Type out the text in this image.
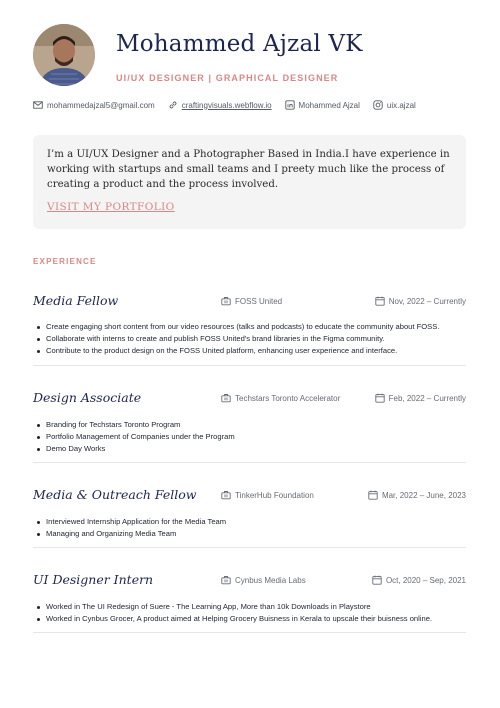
Mohammed Ajzal VK
UI/UX DESIGNER | GRAPHICAL DESIGNER
mohammedajzal5@gmail.com	craftingvisuals.webflow.io	Mohammed Ajzal	uix.ajzal

I’m a UI/UX Designer and a Photographer Based in India.I have experience in working with startups and small teams and I preety much like the process of creating a product and the process involved.

VISIT MY PORTFOLIO
EXPERIENCE
Media Fellow	FOSS United	Nov, 2022 – Currently
Create engaging short content from our video resources (talks and podcasts) to educate the community about FOSS.
Collaborate with interns to create and publish FOSS United's brand libraries in the Figma community.
Contribute to the product design on the FOSS United platform, enhancing user experience and interface.
Design Associate	Techstars Toronto Accelerator	Feb, 2022 – Currently
Branding for Techstars Toronto Program
Portfolio Management of Companies under the Program
Demo Day Works
Media & Outreach Fellow	TinkerHub Foundation	Mar, 2022 – June, 2023
Interviewed Internship Application for the Media Team
Managing and Organizing Media Team
UI Designer Intern	Cynbus Media Labs	Oct, 2020 – Sep, 2021
Worked in The UI Redesign of Suere - The Learning App, More than 10k Downloads in Playstore
Worked in Cynbus Grocer, A product aimed at Helping Grocery Buisness in Kerala to upscale their buisness online.
